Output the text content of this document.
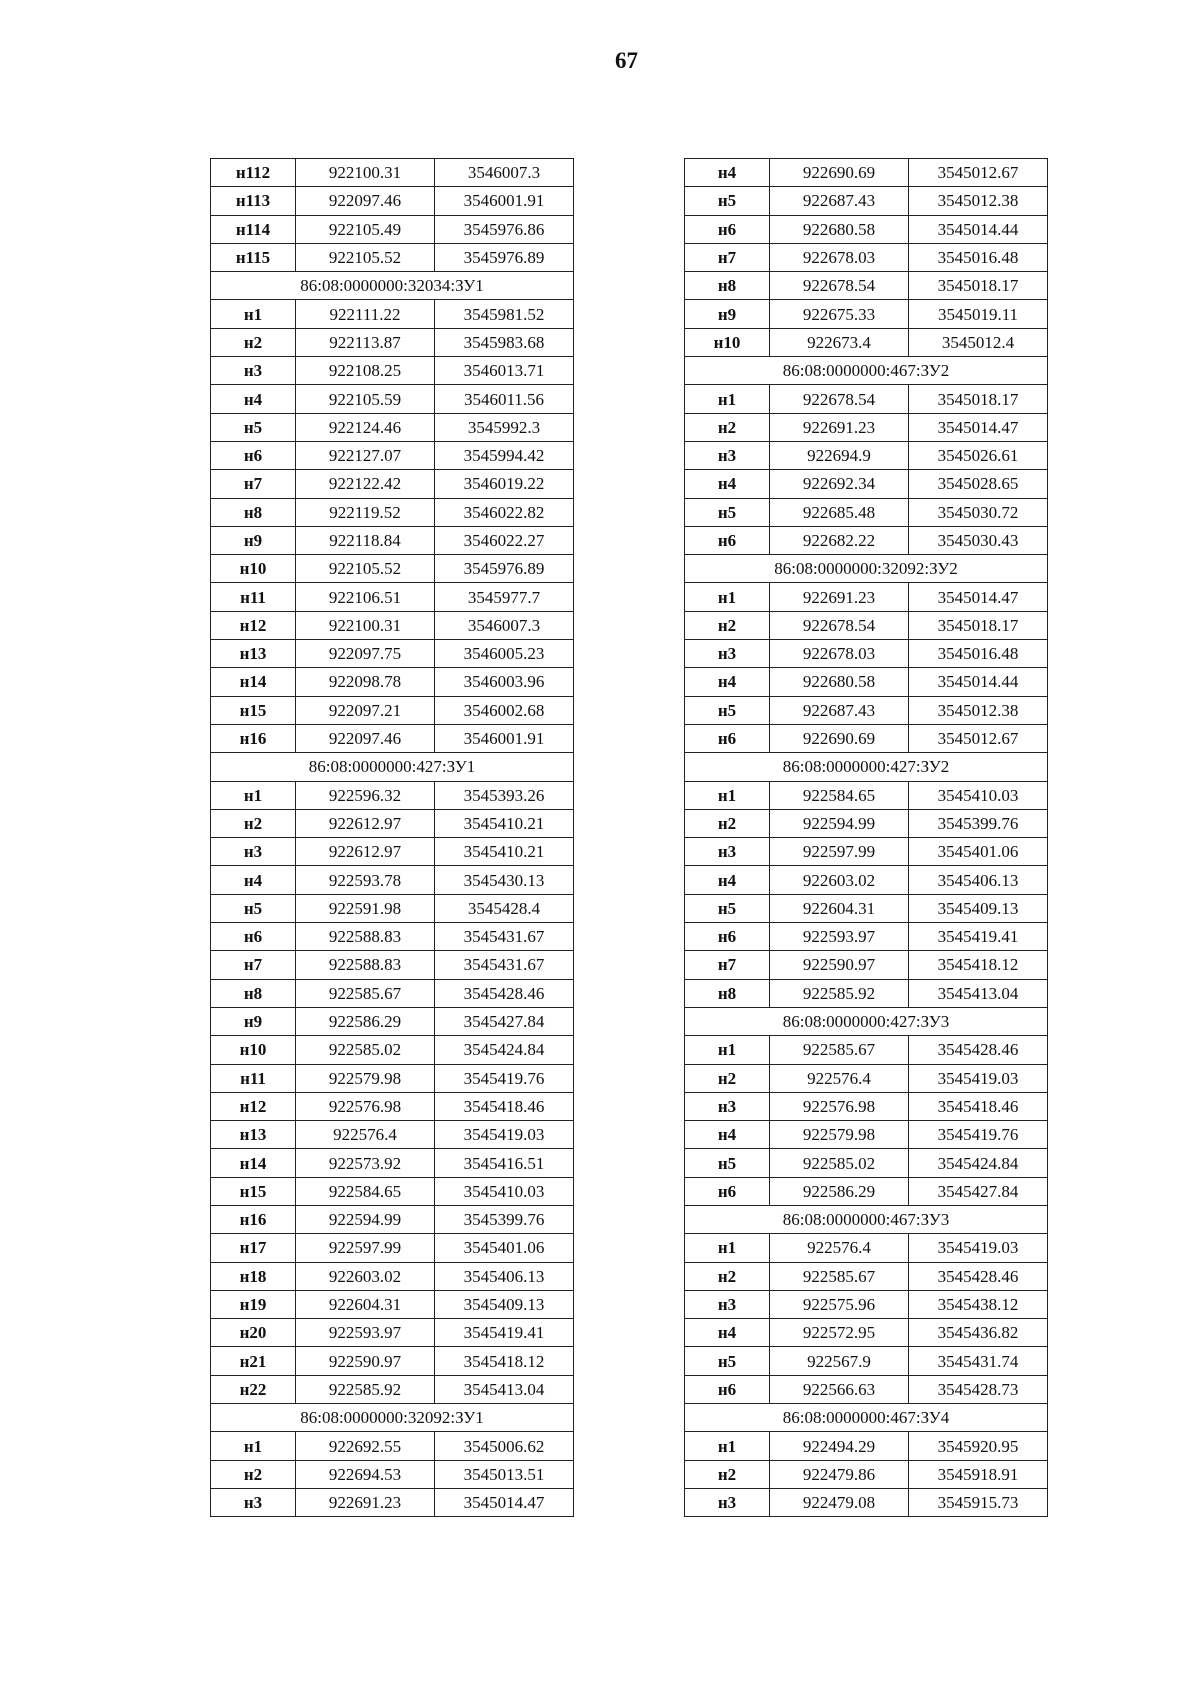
67
н112	922100.31	3546007.3
н113	922097.46	3546001.91
н114	922105.49	3545976.86
н115	922105.52	3545976.89
86:08:0000000:32034:ЗУ1		
н1	922111.22	3545981.52
н2	922113.87	3545983.68
н3	922108.25	3546013.71
н4	922105.59	3546011.56
н5	922124.46	3545992.3
н6	922127.07	3545994.42
н7	922122.42	3546019.22
н8	922119.52	3546022.82
н9	922118.84	3546022.27
н10	922105.52	3545976.89
н11	922106.51	3545977.7
н12	922100.31	3546007.3
н13	922097.75	3546005.23
н14	922098.78	3546003.96
н15	922097.21	3546002.68
н16	922097.46	3546001.91
86:08:0000000:427:ЗУ1		
н1	922596.32	3545393.26
н2	922612.97	3545410.21
н3	922612.97	3545410.21
н4	922593.78	3545430.13
н5	922591.98	3545428.4
н6	922588.83	3545431.67
н7	922588.83	3545431.67
н8	922585.67	3545428.46
н9	922586.29	3545427.84
н10	922585.02	3545424.84
н11	922579.98	3545419.76
н12	922576.98	3545418.46
н13	922576.4	3545419.03
н14	922573.92	3545416.51
н15	922584.65	3545410.03
н16	922594.99	3545399.76
н17	922597.99	3545401.06
н18	922603.02	3545406.13
н19	922604.31	3545409.13
н20	922593.97	3545419.41
н21	922590.97	3545418.12
н22	922585.92	3545413.04
86:08:0000000:32092:ЗУ1		
н1	922692.55	3545006.62
н2	922694.53	3545013.51
н3	922691.23	3545014.47
н4	922690.69	3545012.67
н5	922687.43	3545012.38
н6	922680.58	3545014.44
н7	922678.03	3545016.48
н8	922678.54	3545018.17
н9	922675.33	3545019.11
н10	922673.4	3545012.4
86:08:0000000:467:ЗУ2		
н1	922678.54	3545018.17
н2	922691.23	3545014.47
н3	922694.9	3545026.61
н4	922692.34	3545028.65
н5	922685.48	3545030.72
н6	922682.22	3545030.43
86:08:0000000:32092:ЗУ2		
н1	922691.23	3545014.47
н2	922678.54	3545018.17
н3	922678.03	3545016.48
н4	922680.58	3545014.44
н5	922687.43	3545012.38
н6	922690.69	3545012.67
86:08:0000000:427:ЗУ2		
н1	922584.65	3545410.03
н2	922594.99	3545399.76
н3	922597.99	3545401.06
н4	922603.02	3545406.13
н5	922604.31	3545409.13
н6	922593.97	3545419.41
н7	922590.97	3545418.12
н8	922585.92	3545413.04
86:08:0000000:427:ЗУ3		
н1	922585.67	3545428.46
н2	922576.4	3545419.03
н3	922576.98	3545418.46
н4	922579.98	3545419.76
н5	922585.02	3545424.84
н6	922586.29	3545427.84
86:08:0000000:467:ЗУ3		
н1	922576.4	3545419.03
н2	922585.67	3545428.46
н3	922575.96	3545438.12
н4	922572.95	3545436.82
н5	922567.9	3545431.74
н6	922566.63	3545428.73
86:08:0000000:467:ЗУ4		
н1	922494.29	3545920.95
н2	922479.86	3545918.91
н3	922479.08	3545915.73
